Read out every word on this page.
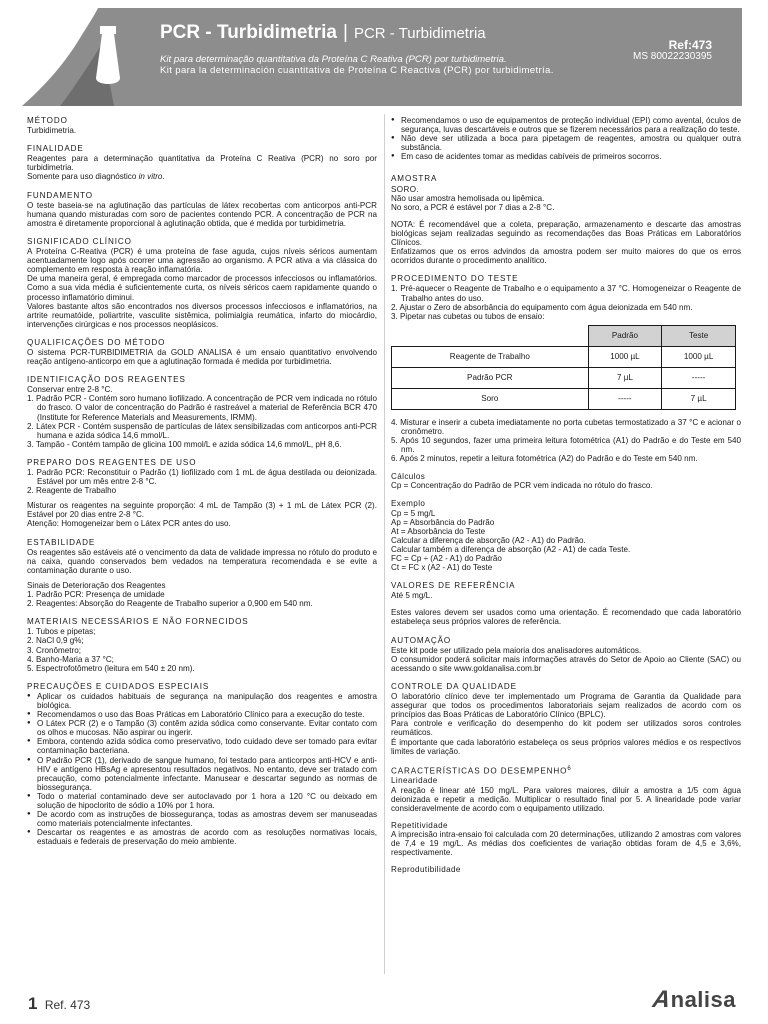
PCR - Turbidimetria | PCR - Turbidimetria
Kit para determinação quantitativa da Proteína C Reativa (PCR) por turbidimetria.
Kit para la determinación cuantitativa de Proteína C Reactiva (PCR) por turbidimetría.
Ref:473
MS 80022230395
MÉTODO

Turbidimetria.

FINALIDADE

Reagentes para a determinação quantitativa da Proteína C Reativa (PCR) no soro por turbidimetria.

Somente para uso diagnóstico in vitro.

FUNDAMENTO

O teste baseia-se na aglutinação das partículas de látex recobertas com anticorpos anti-PCR humana quando misturadas com soro de pacientes contendo PCR. A concentração de PCR na amostra é diretamente proporcional à aglutinação obtida, que é medida por turbidimetria.

SIGNIFICADO CLÍNICO

A Proteína C-Reativa (PCR) é uma proteína de fase aguda, cujos níveis séricos aumentam acentuadamente logo após ocorrer uma agressão ao organismo. A PCR ativa a via clássica do complemento em resposta à reação inflamatória.

De uma maneira geral, é empregada como marcador de processos infecciosos ou inflamatórios. Como a sua vida média é suficientemente curta, os níveis séricos caem rapidamente quando o processo inflamatório diminui.

Valores bastante altos são encontrados nos diversos processos infecciosos e inflamatórios, na artrite reumatóide, poliartrite, vasculite sistêmica, polimialgia reumática, infarto do miocárdio, intervenções cirúrgicas e nos processos neoplásicos.

QUALIFICAÇÕES DO MÉTODO

O sistema PCR-TURBIDIMETRIA da GOLD ANALISA é um ensaio quantitativo envolvendo reação antígeno-anticorpo em que a aglutinação formada é medida por turbidimetria.

IDENTIFICAÇÃO DOS REAGENTES
Conservar entre 2-8 °C.
1. Padrão PCR - Contém soro humano liofilizado. A concentração de PCR vem indicada no rótulo do frasco. O valor de concentração do Padrão é rastreável a material de Referência BCR 470 (Institute for Reference Materials and Measurements, IRMM).
2. Látex PCR - Contém suspensão de partículas de látex sensibilizadas com anticorpos anti-PCR humana e azida sódica 14,6 mmol/L.
3. Tampão - Contém tampão de glicina 100 mmol/L e azida sódica 14,6 mmol/L, pH 8,6.
PREPARO DOS REAGENTES DE USO
1. Padrão PCR: Reconstituir o Padrão (1) liofilizado com 1 mL de água destilada ou deionizada. Estável por um mês entre 2-8 °C.
2. Reagente de Trabalho

Misturar os reagentes na seguinte proporção: 4 mL de Tampão (3) + 1 mL de Látex PCR (2). Estável por 20 dias entre 2-8 °C.

Atenção: Homogeneizar bem o Látex PCR antes do uso.

ESTABILIDADE

Os reagentes são estáveis até o vencimento da data de validade impressa no rótulo do produto e na caixa, quando conservados bem vedados na temperatura recomendada e se evite a contaminação durante o uso.

Sinais de Deterioração dos Reagentes
1. Padrão PCR: Presença de umidade
2. Reagentes: Absorção do Reagente de Trabalho superior a 0,900 em 540 nm.
MATERIAIS NECESSÁRIOS E NÃO FORNECIDOS
1. Tubos e pipetas;
2. NaCl 0,9 g%;
3. Cronômetro;
4. Banho-Maria a 37 °C;
5. Espectrofotômetro (leitura em 540 ± 20 nm).
PRECAUÇÕES E CUIDADOS ESPECIAIS
● Aplicar os cuidados habituais de segurança na manipulação dos reagentes e amostra biológica.
● Recomendamos o uso das Boas Práticas em Laboratório Clínico para a execução do teste.
● O Látex PCR (2) e o Tampão (3) contêm azida sódica como conservante. Evitar contato com os olhos e mucosas. Não aspirar ou ingerir.
● Embora, contendo azida sódica como preservativo, todo cuidado deve ser tomado para evitar contaminação bacteriana.
● O Padrão PCR (1), derivado de sangue humano, foi testado para anticorpos anti-HCV e anti-HIV e antígeno HBsAg e apresentou resultados negativos. No entanto, deve ser tratado com precaução, como potencialmente infectante. Manusear e descartar segundo as normas de biossegurança.
● Todo o material contaminado deve ser autoclavado por 1 hora a 120 °C ou deixado em solução de hipoclorito de sódio a 10% por 1 hora.
● De acordo com as instruções de biossegurança, todas as amostras devem ser manuseadas como materiais potencialmente infectantes.
● Descartar os reagentes e as amostras de acordo com as resoluções normativas locais, estaduais e federais de preservação do meio ambiente.
● Recomendamos o uso de equipamentos de proteção individual (EPI) como avental, óculos de segurança, luvas descartáveis e outros que se fizerem necessários para a realização do teste.
● Não deve ser utilizada a boca para pipetagem de reagentes, amostra ou qualquer outra substância.
● Em caso de acidentes tomar as medidas cabíveis de primeiros socorros.
AMOSTRA
SORO.
Não usar amostra hemolisada ou lipêmica.
No soro, a PCR é estável por 7 dias a 2-8 °C.

NOTA: É recomendável que a coleta, preparação, armazenamento e descarte das amostras biológicas sejam realizadas seguindo as recomendações das Boas Práticas em Laboratórios Clínicos.

Enfatizamos que os erros advindos da amostra podem ser muito maiores do que os erros ocorridos durante o procedimento analítico.

PROCEDIMENTO DO TESTE
1. Pré-aquecer o Reagente de Trabalho e o equipamento a 37 °C. Homogeneizar o Reagente de Trabalho antes do uso.
2. Ajustar o Zero de absorbância do equipamento com água deionizada em 540 nm.
3. Pipetar nas cubetas ou tubos de ensaio:
	Padrão	Teste
Reagente de Trabalho	1000 µL	1000 µL
Padrão PCR	7 µL	-----
Soro	-----	7 µL
4. Misturar e inserir a cubeta imediatamente no porta cubetas termostatizado a 37 °C e acionar o cronômetro.
5. Após 10 segundos, fazer uma primeira leitura fotométrica (A1) do Padrão e do Teste em 540 nm.
6. Após 2 minutos, repetir a leitura fotométrica (A2) do Padrão e do Teste em 540 nm.
Cálculos
Cp = Concentração do Padrão de PCR vem indicada no rótulo do frasco.
Exemplo
Cp = 5 mg/L
Ap = Absorbância do Padrão
At = Absorbância do Teste
Calcular a diferença de absorção (A2 - A1) do Padrão.
Calcular também a diferença de absorção (A2 - A1) de cada Teste.
FC = Cp ÷ (A2 - A1) do Padrão
Ct = FC x (A2 - A1) do Teste
VALORES DE REFERÊNCIA
Até 5 mg/L.

Estes valores devem ser usados como uma orientação. É recomendado que cada laboratório estabeleça seus próprios valores de referência.

AUTOMAÇÃO
Este kit pode ser utilizado pela maioria dos analisadores automáticos.

O consumidor poderá solicitar mais informações através do Setor de Apoio ao Cliente (SAC) ou acessando o site www.goldanalisa.com.br

CONTROLE DA QUALIDADE

O laboratório clínico deve ter implementado um Programa de Garantia da Qualidade para assegurar que todos os procedimentos laboratoriais sejam realizados de acordo com os princípios das Boas Práticas de Laboratório Clínico (BPLC).

Para controle e verificação do desempenho do kit podem ser utilizados soros controles reumáticos.

É importante que cada laboratório estabeleça os seus próprios valores médios e os respectivos limites de variação.

CARACTERÍSTICAS DO DESEMPENHO$^6$
Linearidade

A reação é linear até 150 mg/L. Para valores maiores, diluir a amostra a 1/5 com água deionizada e repetir a medição. Multiplicar o resultado final por 5. A linearidade pode variar consideravelmente de acordo com o equipamento utilizado.

Repetitividade

A imprecisão intra-ensaio foi calculada com 20 determinações, utilizando 2 amostras com valores de 7,4 e 19 mg/L. As médias dos coeficientes de variação obtidas foram de 4,5 e 3,6%, respectivamente.

Reprodutibilidade
1 Ref. 473	Analisa
